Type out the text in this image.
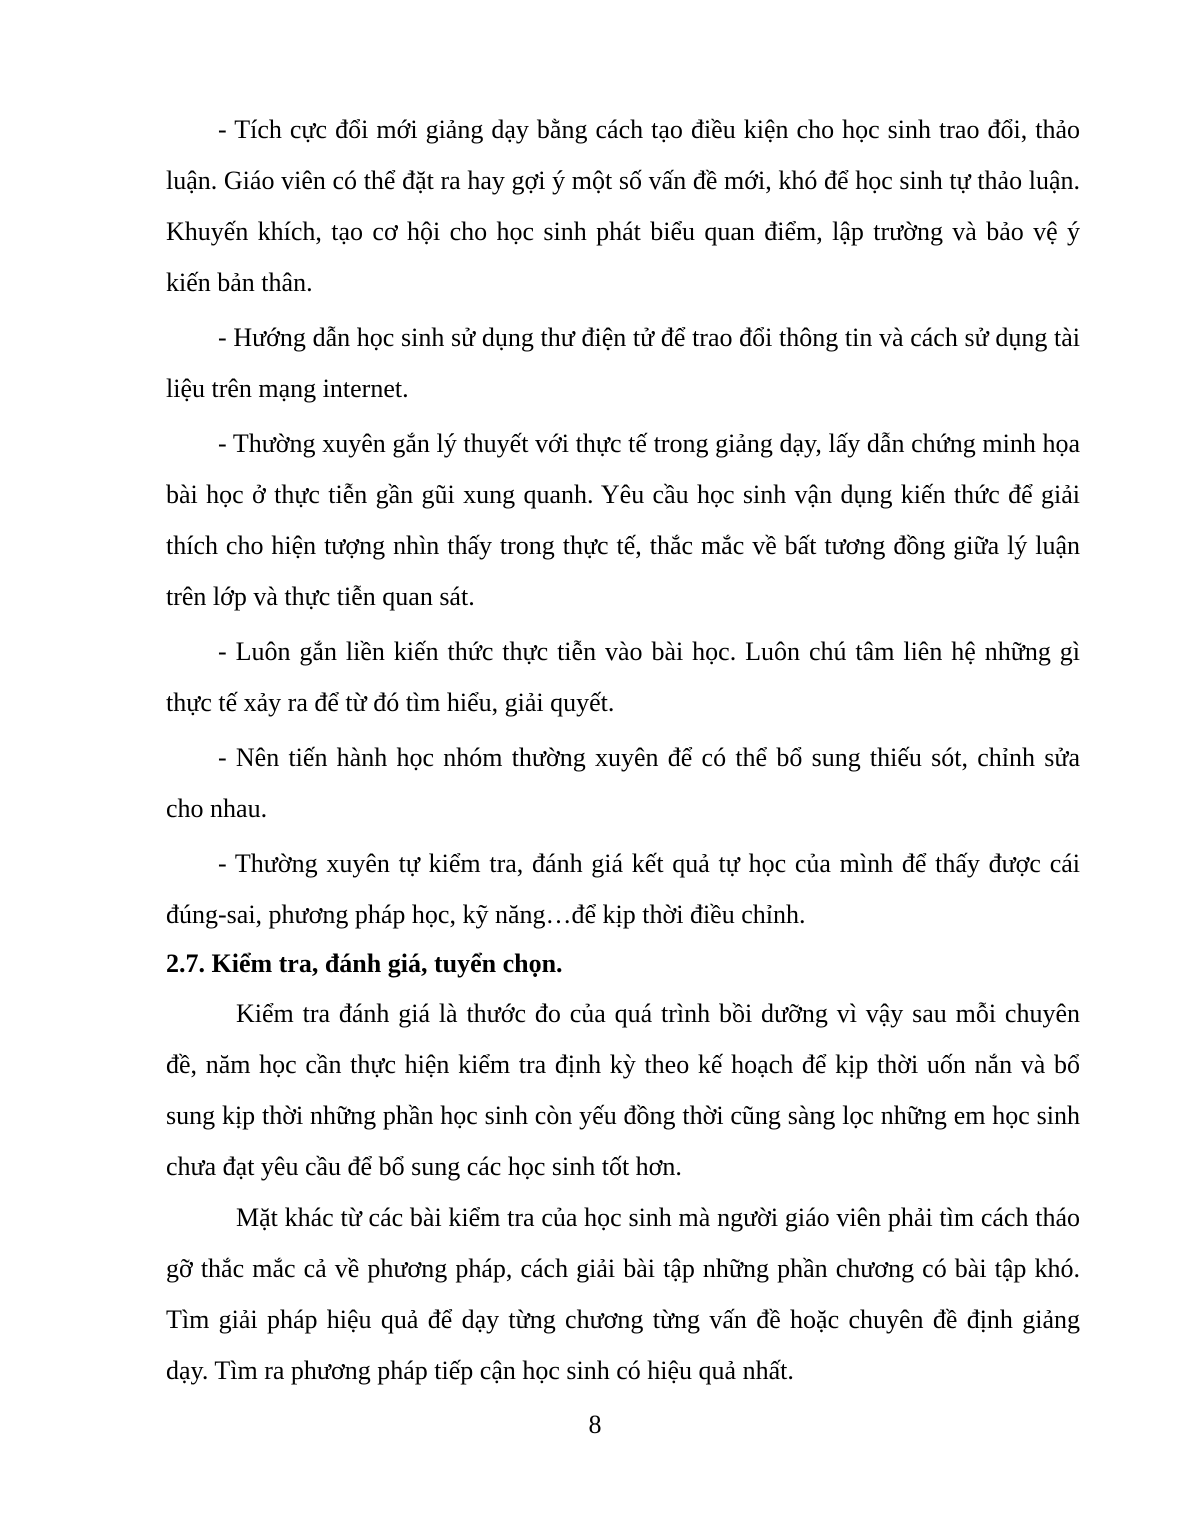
- Tích cực đổi mới giảng dạy bằng cách tạo điều kiện cho học sinh trao đổi, thảo luận. Giáo viên có thể đặt ra hay gợi ý một số vấn đề mới, khó để học sinh tự thảo luận. Khuyến khích, tạo cơ hội cho học sinh phát biểu quan điểm, lập trường và bảo vệ ý kiến bản thân.

- Hướng dẫn học sinh sử dụng thư điện tử để trao đổi thông tin và cách sử dụng tài liệu trên mạng internet.

- Thường xuyên gắn lý thuyết với thực tế trong giảng dạy, lấy dẫn chứng minh họa bài học ở thực tiễn gần gũi xung quanh. Yêu cầu học sinh vận dụng kiến thức để giải thích cho hiện tượng nhìn thấy trong thực tế, thắc mắc về bất tương đồng giữa lý luận trên lớp và thực tiễn quan sát.

- Luôn gắn liền kiến thức thực tiễn vào bài học. Luôn chú tâm liên hệ những gì thực tế xảy ra để từ đó tìm hiểu, giải quyết.

- Nên tiến hành học nhóm thường xuyên để có thể bổ sung thiếu sót, chỉnh sửa cho nhau.

- Thường xuyên tự kiểm tra, đánh giá kết quả tự học của mình để thấy được cái đúng-sai, phương pháp học, kỹ năng…để kịp thời điều chỉnh.

2.7. Kiểm tra, đánh giá, tuyển chọn.

Kiểm tra đánh giá là thước đo của quá trình bồi dưỡng vì vậy sau mỗi chuyên đề, năm học cần thực hiện kiểm tra định kỳ theo kế hoạch để kịp thời uốn nắn và bổ sung kịp thời những phần học sinh còn yếu đồng thời cũng sàng lọc những em học sinh chưa đạt yêu cầu để bổ sung các học sinh tốt hơn.

Mặt khác từ các bài kiểm tra của học sinh mà người giáo viên phải tìm cách tháo gỡ thắc mắc cả về phương pháp, cách giải bài tập những phần chương có bài tập khó. Tìm giải pháp hiệu quả để dạy từng chương từng vấn đề hoặc chuyên đề định giảng dạy. Tìm ra phương pháp tiếp cận học sinh có hiệu quả nhất.

8
